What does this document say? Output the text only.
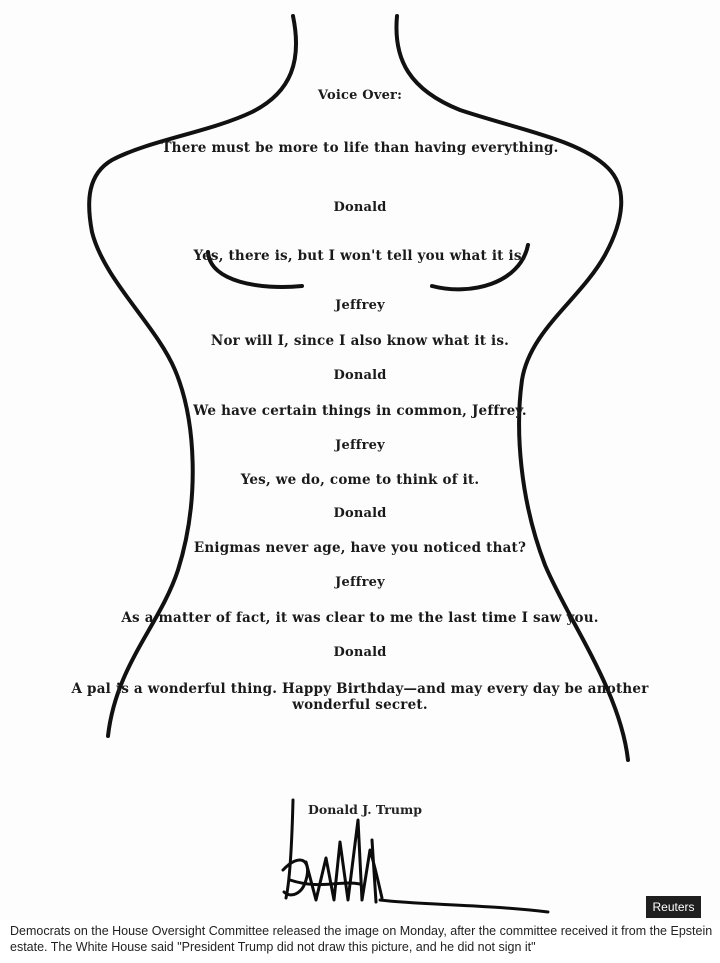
Voice Over:
There must be more to life than having everything.
Donald
Yes, there is, but I won't tell you what it is.
Jeffrey
Nor will I, since I also know what it is.
Donald
We have certain things in common, Jeffrey.
Jeffrey
Yes, we do, come to think of it.
Donald
Enigmas never age, have you noticed that?
Jeffrey
As a matter of fact, it was clear to me the last time I saw you.
Donald
A pal is a wonderful thing. Happy Birthday—and may every day be another
wonderful secret.
Donald J. Trump
Reuters
Democrats on the House Oversight Committee released the image on Monday, after the committee received it from the Epstein estate. The White House said "President Trump did not draw this picture, and he did not sign it"
